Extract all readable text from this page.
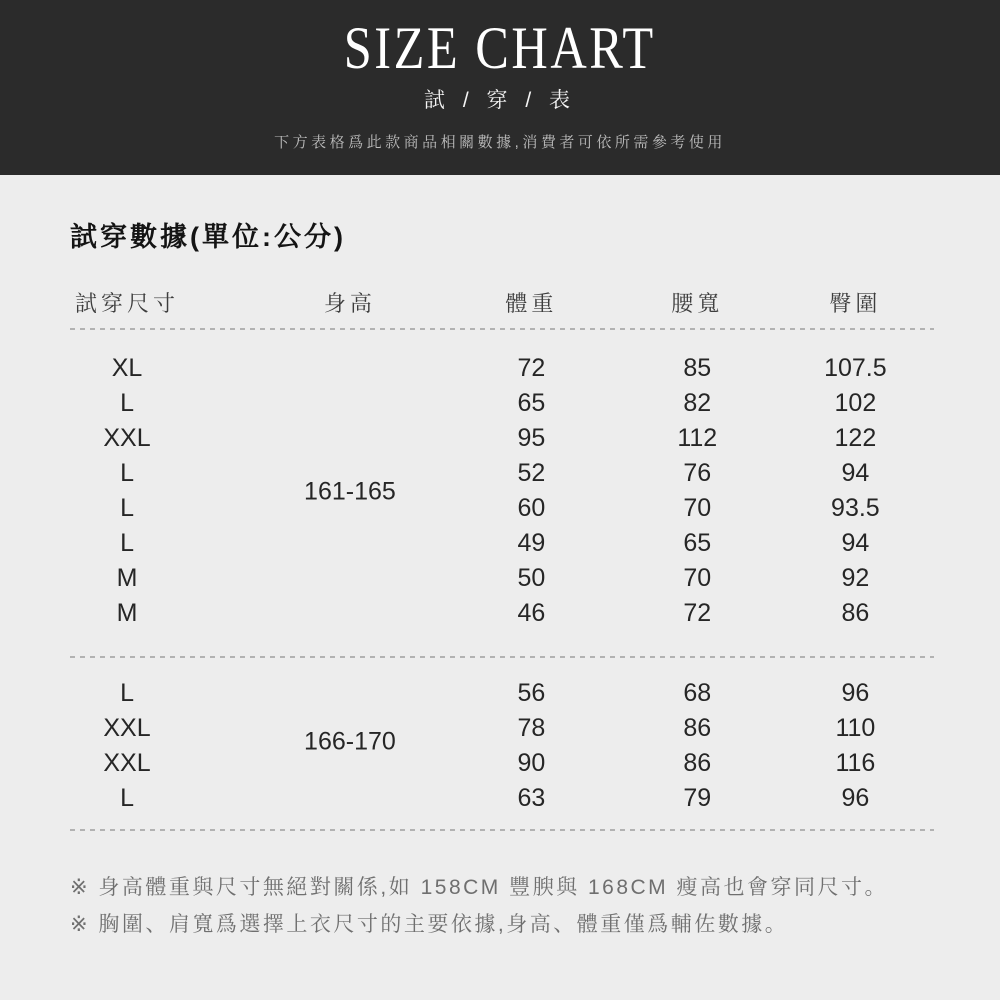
SIZE CHART
試 / 穿 / 表
下方表格爲此款商品相關數據,消費者可依所需參考使用
試穿數據(單位:公分)
試穿尺寸	身高	體重	腰寬	臀圍
161-165
XL	72	85	107.5
L	65	82	102
XXL	95	112	122
L	52	76	94
L	60	70	93.5
L	49	65	94
M	50	70	92
M	46	72	86
166-170
L	56	68	96
XXL	78	86	110
XXL	90	86	116
L	63	79	96

※ 身高體重與尺寸無絕對關係,如 158CM 豐腴與 168CM 瘦高也會穿同尺寸。

※ 胸圍、肩寬爲選擇上衣尺寸的主要依據,身高、體重僅爲輔佐數據。
